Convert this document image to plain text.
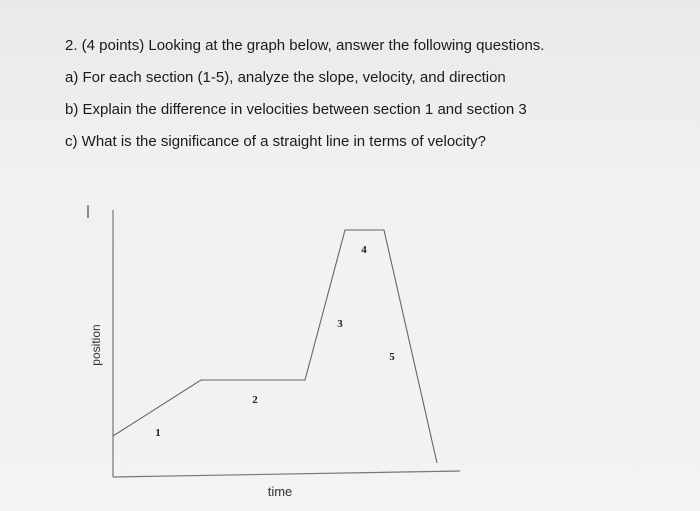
2. (4 points) Looking at the graph below, answer the following questions.
a) For each section (1-5), analyze the slope, velocity, and direction
b) Explain the difference in velocities between section 1 and section 3
c) What is the significance of a straight line in terms of velocity?
position
time
1
2
3
4
5
